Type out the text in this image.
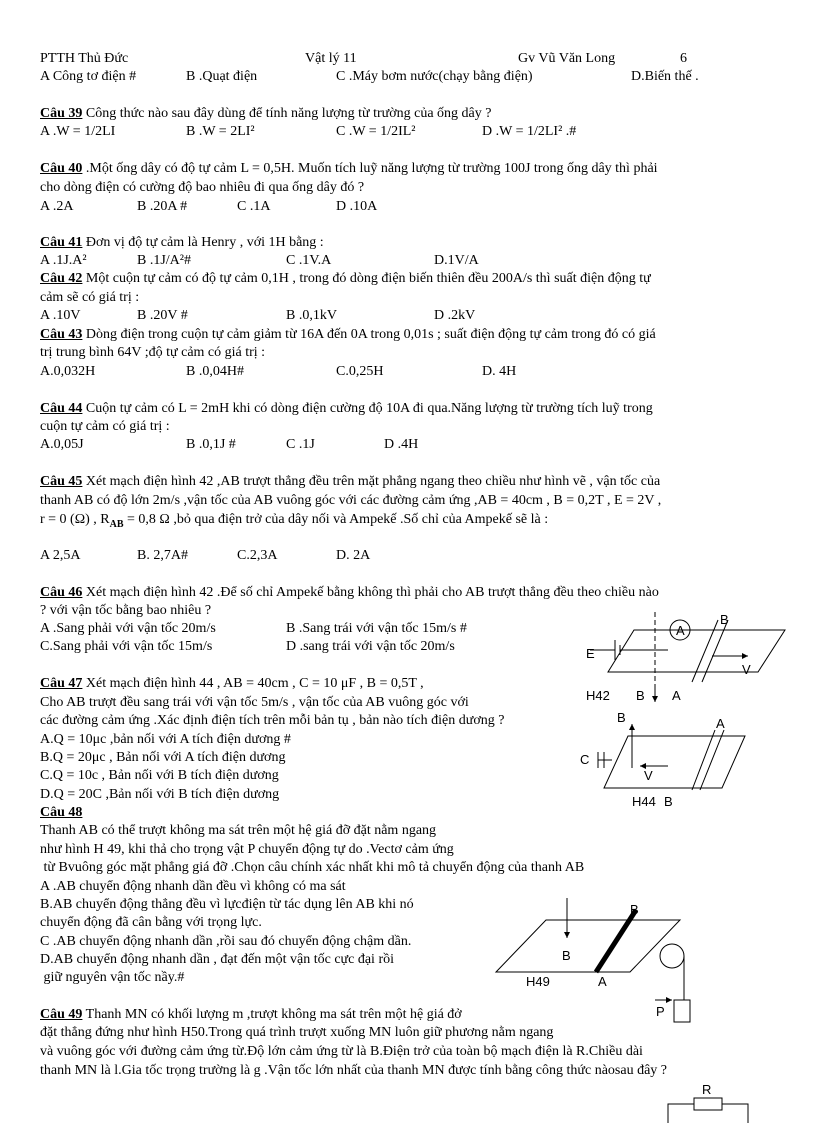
PTTH Thủ Đức	Vật lý 11	Gv Vũ Văn Long	6
A Công tơ điện #	B .Quạt điện	C .Máy bơm nước(chạy bằng điện)	D.Biến thế .
Câu 39 Công thức nào sau đây dùng để tính năng lượng từ trường của ống dây ?
A .W = 1/2LI	B .W = 2LI²	C .W = 1/2IL²	D .W = 1/2LI² .#
Câu 40 .Một ống dây có độ tự cảm L = 0,5H. Muốn tích luỹ năng lượng từ trường 100J trong ống dây thì phải
cho dòng điện có cường độ bao nhiêu đi qua ống dây đó ?
A .2A	B .20A #	C .1A	D .10A
Câu 41 Đơn vị độ tự cảm là Henry , với 1H bằng :
A .1J.A²	B .1J/A²#	C .1V.A	D.1V/A
Câu 42 Một cuộn tự cảm có độ tự cảm 0,1H , trong đó dòng điện biến thiên đều 200A/s thì suất điện động tự
cảm sẽ có giá trị :
A .10V	B .20V #	B .0,1kV	D .2kV
Câu 43 Dòng điện trong cuộn tự cảm giảm từ 16A đến 0A trong 0,01s ; suất điện động tự cảm trong đó có giá
trị trung bình 64V ;độ tự cảm có giá trị :
A.0,032H	B .0,04H#	C.0,25H	D. 4H
Câu 44 Cuộn tự cảm có L = 2mH khi có dòng điện cường độ 10A đi qua.Năng lượng từ trường tích luỹ trong
cuộn tự cảm có giá trị :
A.0,05J	B .0,1J #	C .1J	D .4H
Câu 45 Xét mạch điện hình 42 ,AB trượt thẳng đều trên mặt phẳng ngang theo chiều như hình vẽ , vận tốc của
thanh AB có độ lớn 2m/s ,vận tốc của AB vuông góc với các đường cảm ứng ,AB = 40cm , B = 0,2T , E = 2V ,
r = 0 (Ω) , $R_{AB} = 0,8$ Ω ,bỏ qua điện trở của dây nối và Ampekế .Số chỉ của Ampekế sẽ là :
A 2,5A	B. 2,7A#	C.2,3A	D. 2A
Câu 46 Xét mạch điện hình 42 .Để số chỉ Ampekế bằng không thì phải cho AB trượt thẳng đều theo chiều nào
? với vận tốc bằng bao nhiêu ?
A .Sang phải với vận tốc 20m/s	B .Sang trái với vận tốc 15m/s #
C.Sang phải với vận tốc 15m/s	D .sang trái với vận tốc 20m/s
Câu 47 Xét mạch điện hình 44 , AB = 40cm , C = 10 μF , B = 0,5T ,
Cho AB trượt đều sang trái với vận tốc 5m/s , vận tốc của AB vuông góc với
các đường cảm ứng .Xác định điện tích trên mỗi bản tụ , bản nào tích điện dương ?
A.Q = 10μc ,bản nối với A tích điện dương #
B.Q = 20μc , Bản nối với A tích điện dương
C.Q = 10c , Bản nối với B tích điện dương
D.Q = 20C ,Bản nối với B tích điện dương
Câu 48
Thanh AB có thể trượt không ma sát trên một hệ giá đỡ đặt nằm ngang
như hình H 49, khi thả cho trọng vật P chuyển động tự do .Vectơ cảm ứng
từ Bvuông góc mặt phẳng giá đỡ .Chọn câu chính xác nhất khi mô tả chuyển động của thanh AB
A .AB chuyển động nhanh dần đều vì không có ma sát
B.AB chuyển động thẳng đều vì lựcđiện từ tác dụng lên AB khi nó
chuyển động đã cân bằng với trọng lực.
C .AB chuyển động nhanh dần ,rồi sau đó chuyển động chậm dần.
D.AB chuyển động nhanh dần , đạt đến một vận tốc cực đại rồi
giữ nguyên vận tốc nầy.#
Câu 49 Thanh MN có khối lượng m ,trượt không ma sát trên một hệ giá đở
đặt thẳng đứng như hình H50.Trong quá trình trượt xuống MN luôn giữ phương nằm ngang
và vuông góc với đường cảm ứng từ.Độ lớn cảm ứng từ là B.Điện trở của toàn bộ mạch điện là R.Chiều dài
thanh MN là l.Gia tốc trọng trường là g .Vận tốc lớn nhất của thanh MN được tính bằng công thức nàosau đây ?
E
A
B
V
H42 B A
B	A
C
V
H44 B
B
B
H49	A
P
R
